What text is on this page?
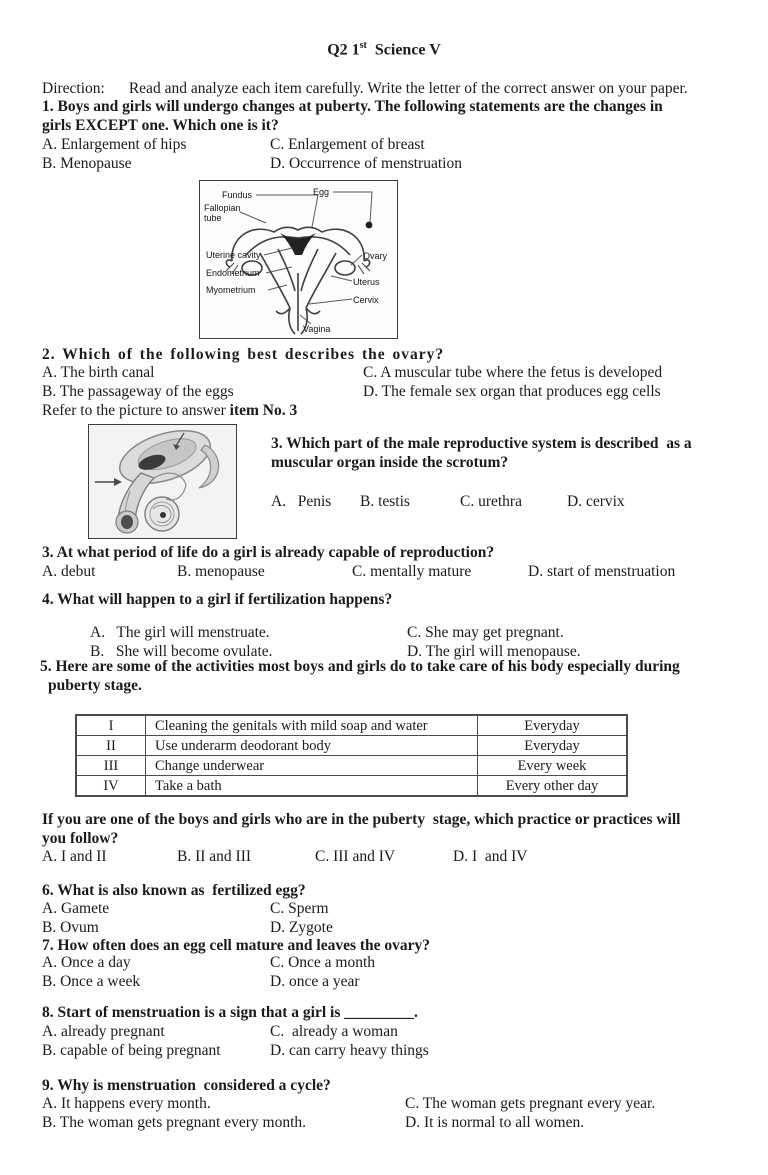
Q2 1st  Science V
Direction: Read and analyze each item carefully. Write the letter of the correct answer on your paper.
1. Boys and girls will undergo changes at puberty. The following statements are the changes in
girls EXCEPT one. Which one is it?
A. Enlargement of hips	C. Enlargement of breast
B. Menopause	D. Occurrence of menstruation
Fundus	Egg
Fallopian tube
Uterine cavity	Ovary
Endometrium
Uterus
Myometrium
Cervix
Vagina
2. Which of the following best describes the ovary?
A. The birth canal	C. A muscular tube where the fetus is developed
B. The passageway of the eggs	D. The female sex organ that produces egg cells
Refer to the picture to answer item No. 3
3. Which part of the male reproductive system is described  as a
muscular organ inside the scrotum?
A.   Penis B. testis	C. urethra	D. cervix
3. At what period of life do a girl is already capable of reproduction?
A. debut	B. menopause	C. mentally mature	D. start of menstruation
4. What will happen to a girl if fertilization happens?
A.   The girl will menstruate.	C. She may get pregnant.
B.   She will become ovulate.	D. The girl will menopause.
5. Here are some of the activities most boys and girls do to take care of his body especially during
puberty stage.
I	Cleaning the genitals with mild soap and water	Everyday
II	Use underarm deodorant body	Everyday
III	Change underwear	Every week
IV	Take a bath	Every other day
If you are one of the boys and girls who are in the puberty  stage, which practice or practices will
you follow?
A. I and II	B. II and III	C. III and IV	D. I  and IV
6. What is also known as  fertilized egg?
A. Gamete	C. Sperm
B. Ovum	D. Zygote
7. How often does an egg cell mature and leaves the ovary?
A. Once a day	C. Once a month
B. Once a week	D. once a year
8. Start of menstruation is a sign that a girl is _________.
A. already pregnant	C.  already a woman
B. capable of being pregnant	D. can carry heavy things
9. Why is menstruation  considered a cycle?
A. It happens every month.	C. The woman gets pregnant every year.
B. The woman gets pregnant every month.	D. It is normal to all women.
